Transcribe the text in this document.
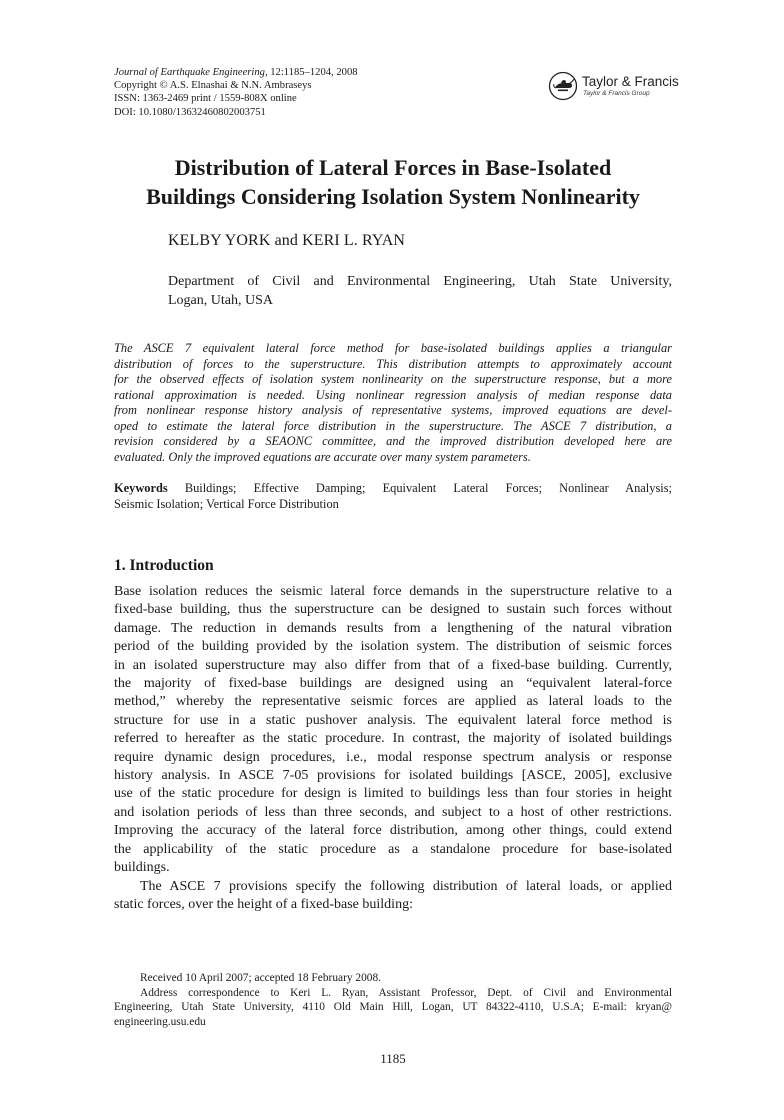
Journal of Earthquake Engineering, 12:1185–1204, 2008
Copyright © A.S. Elnashai & N.N. Ambraseys
ISSN: 1363-2469 print / 1559-808X online
DOI: 10.1080/13632460802003751
Taylor & Francis
Taylor & Francis Group
Distribution of Lateral Forces in Base-Isolated
Buildings Considering Isolation System Nonlinearity
KELBY YORK and KERI L. RYAN
Department of Civil and Environmental Engineering, Utah State University,
Logan, Utah, USA
The ASCE 7 equivalent lateral force method for base-isolated buildings applies a triangular
distribution of forces to the superstructure. This distribution attempts to approximately account
for the observed effects of isolation system nonlinearity on the superstructure response, but a more
rational approximation is needed. Using nonlinear regression analysis of median response data
from nonlinear response history analysis of representative systems, improved equations are devel-
oped to estimate the lateral force distribution in the superstructure. The ASCE 7 distribution, a
revision considered by a SEAONC committee, and the improved distribution developed here are
evaluated. Only the improved equations are accurate over many system parameters.
Keywords Buildings; Effective Damping; Equivalent Lateral Forces; Nonlinear Analysis;
Seismic Isolation; Vertical Force Distribution
1. Introduction
Base isolation reduces the seismic lateral force demands in the superstructure relative to a
fixed-base building, thus the superstructure can be designed to sustain such forces without
damage. The reduction in demands results from a lengthening of the natural vibration
period of the building provided by the isolation system. The distribution of seismic forces
in an isolated superstructure may also differ from that of a fixed-base building. Currently,
the majority of fixed-base buildings are designed using an “equivalent lateral-force
method,” whereby the representative seismic forces are applied as lateral loads to the
structure for use in a static pushover analysis. The equivalent lateral force method is
referred to hereafter as the static procedure. In contrast, the majority of isolated buildings
require dynamic design procedures, i.e., modal response spectrum analysis or response
history analysis. In ASCE 7-05 provisions for isolated buildings [ASCE, 2005], exclusive
use of the static procedure for design is limited to buildings less than four stories in height
and isolation periods of less than three seconds, and subject to a host of other restrictions.
Improving the accuracy of the lateral force distribution, among other things, could extend
the applicability of the static procedure as a standalone procedure for base-isolated
buildings.
The ASCE 7 provisions specify the following distribution of lateral loads, or applied
static forces, over the height of a fixed-base building:
Received 10 April 2007; accepted 18 February 2008.
Address correspondence to Keri L. Ryan, Assistant Professor, Dept. of Civil and Environmental
Engineering, Utah State University, 4110 Old Main Hill, Logan, UT 84322-4110, U.S.A; E-mail: kryan@
engineering.usu.edu
1185
